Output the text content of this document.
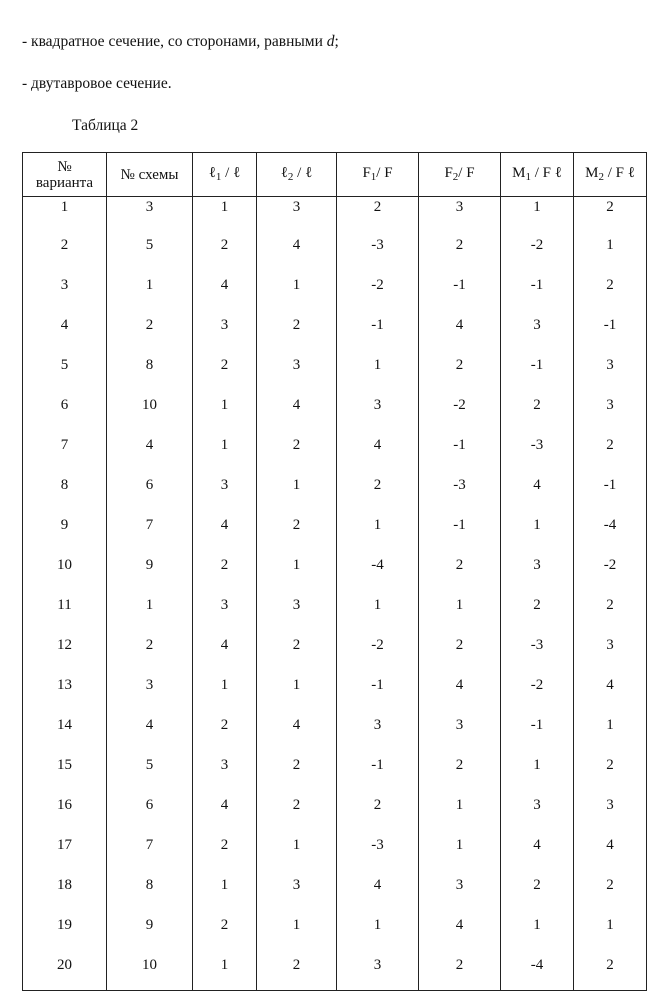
- квадратное сечение, со сторонами, равными d;
- двутавровое сечение.
Таблица 2
№
варианта	№ схемы	ℓ$_1$ / ℓ	ℓ$_2$ / ℓ	$F_1/$ F	$F_2/$ F	$M_1$ / F ℓ	$M_2$ / F ℓ
1	3	1	3	2	3	1	2
2	5	2	4	-3	2	-2	1
3	1	4	1	-2	-1	-1	2
4	2	3	2	-1	4	3	-1
5	8	2	3	1	2	-1	3
6	10	1	4	3	-2	2	3
7	4	1	2	4	-1	-3	2
8	6	3	1	2	-3	4	-1
9	7	4	2	1	-1	1	-4
10	9	2	1	-4	2	3	-2
11	1	3	3	1	1	2	2
12	2	4	2	-2	2	-3	3
13	3	1	1	-1	4	-2	4
14	4	2	4	3	3	-1	1
15	5	3	2	-1	2	1	2
16	6	4	2	2	1	3	3
17	7	2	1	-3	1	4	4
18	8	1	3	4	3	2	2
19	9	2	1	1	4	1	1
20	10	1	2	3	2	-4	2
